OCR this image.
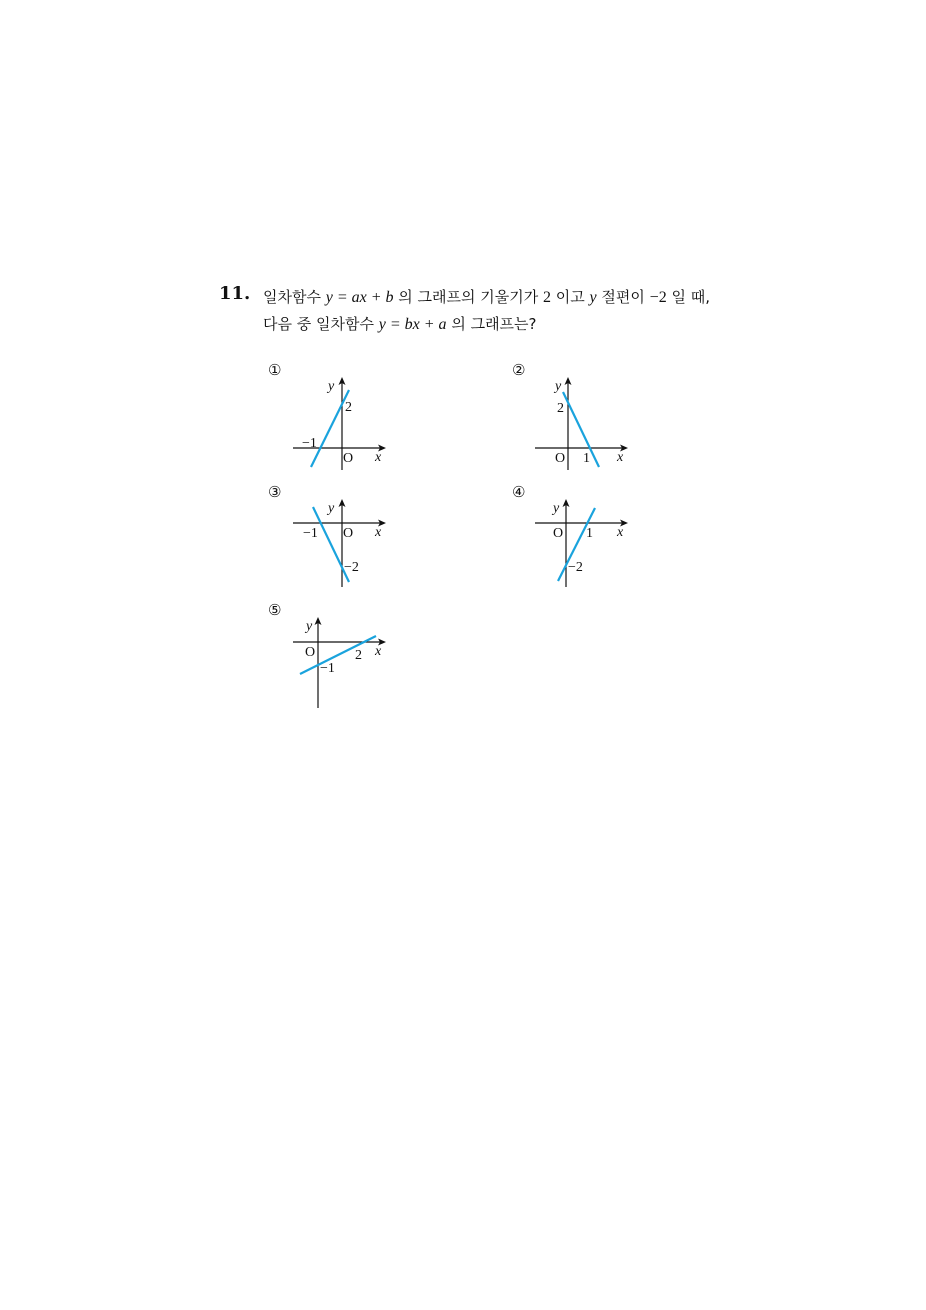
11. 일차함수 y = ax + b 의 그래프의 기울기가 2 이고 y 절편이 −2 일 때,
다음 중 일차함수 y = bx + a 의 그래프는?
①
y
x
O
2
−1
②
y
x
O
2
1
③
y
x
O
−1
−2
④
y
x
O 1
−2
⑤
y
x
O	2
−1
